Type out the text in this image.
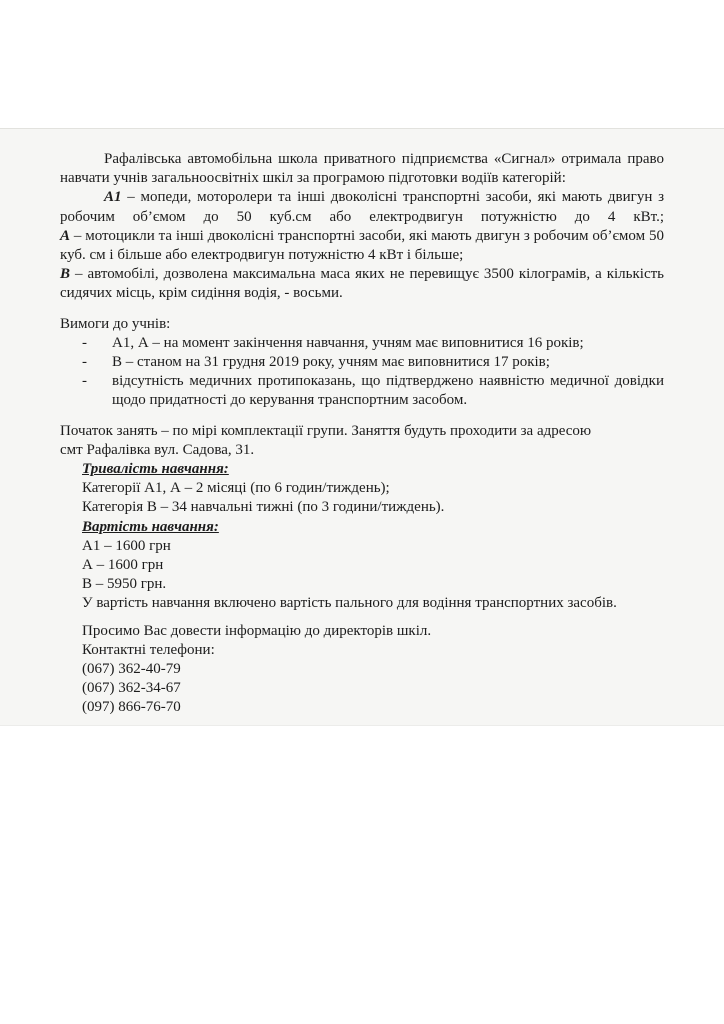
Рафалівська автомобільна школа приватного підприємства «Сигнал» отримала право навчати учнів загальноосвітніх шкіл за програмою підготовки водіїв категорій:

А1 – мопеди, моторолери та інші двоколісні транспортні засоби, які мають двигун з робочим об’ємом до 50 куб.см або електродвигун потужністю до 4 кВт.;

А – мотоцикли та інші двоколісні транспортні засоби, які мають двигун з робочим об’ємом 50 куб. см і більше або електродвигун потужністю 4 кВт і більше;

В – автомобілі, дозволена максимальна маса яких не перевищує 3500 кілограмів, а кількість сидячих місць, крім сидіння водія, - восьми.

Вимоги до учнів:

- А1, А – на момент закінчення навчання, учням має виповнитися 16 років;
- В – станом на 31 грудня 2019 року, учням має виповнитися 17 років;
- відсутність медичних протипоказань, що підтверджено наявністю медичної довідки щодо придатності до керування транспортним засобом.

Початок занять – по мірі комплектації групи. Заняття будуть проходити за адресою

смт Рафалівка вул. Садова, 31.

Тривалість навчання:

Категорії А1, А – 2 місяці (по 6 годин/тиждень);

Категорія В – 34 навчальні тижні (по 3 години/тиждень).

Вартість навчання:

А1 – 1600 грн

А – 1600 грн

В – 5950 грн.

У вартість навчання включено вартість пального для водіння транспортних засобів.

Просимо Вас довести інформацію до директорів шкіл.

Контактні телефони:

(067) 362-40-79

(067) 362-34-67

(097) 866-76-70
